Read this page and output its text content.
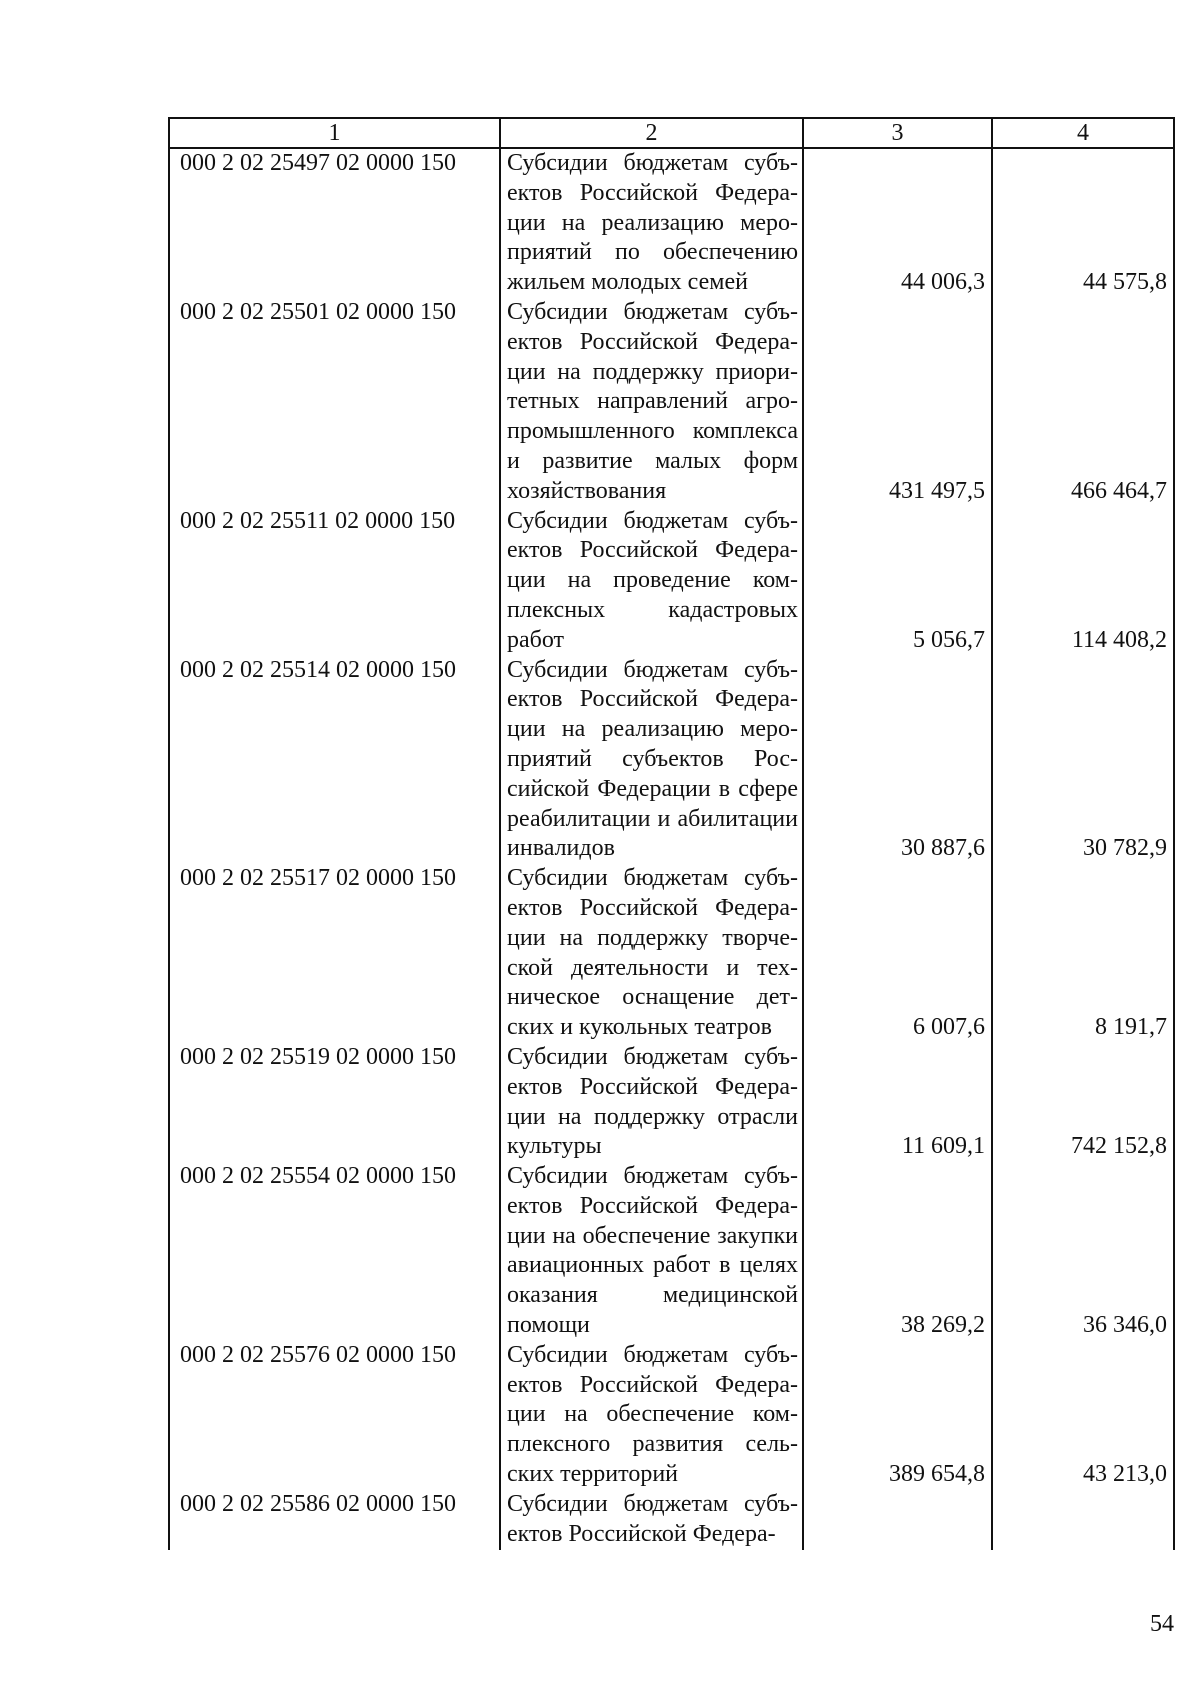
1	2	3	4
000 2 02 25497 02 0000 150	Субсидии бюджетам субъектов Российской Федерации на реализацию мероприятий по обеспечению жильем молодых семей	44 006,3	44 575,8
000 2 02 25501 02 0000 150	Субсидии бюджетам субъектов Российской Федерации на поддержку приоритетных направлений агропромышленного комплекса и развитие малых форм хозяйствования	431 497,5	466 464,7
000 2 02 25511 02 0000 150	Субсидии бюджетам субъектов Российской Федерации на проведение комплексных кадастровых работ	5 056,7	114 408,2
000 2 02 25514 02 0000 150	Субсидии бюджетам субъектов Российской Федерации на реализацию мероприятий субъектов Российской Федерации в сфере реабилитации и абилитации инвалидов	30 887,6	30 782,9
000 2 02 25517 02 0000 150	Субсидии бюджетам субъектов Российской Федерации на поддержку творческой деятельности и техническое оснащение детских и кукольных театров	6 007,6	8 191,7
000 2 02 25519 02 0000 150	Субсидии бюджетам субъектов Российской Федерации на поддержку отрасли культуры	11 609,1	742 152,8
000 2 02 25554 02 0000 150	Субсидии бюджетам субъектов Российской Федерации на обеспечение закупки авиационных работ в целях оказания медицинской помощи	38 269,2	36 346,0
000 2 02 25576 02 0000 150	Субсидии бюджетам субъектов Российской Федерации на обеспечение комплексного развития сельских территорий	389 654,8	43 213,0
000 2 02 25586 02 0000 150	Субсидии бюджетам субъектов Российской Федера-		
54
